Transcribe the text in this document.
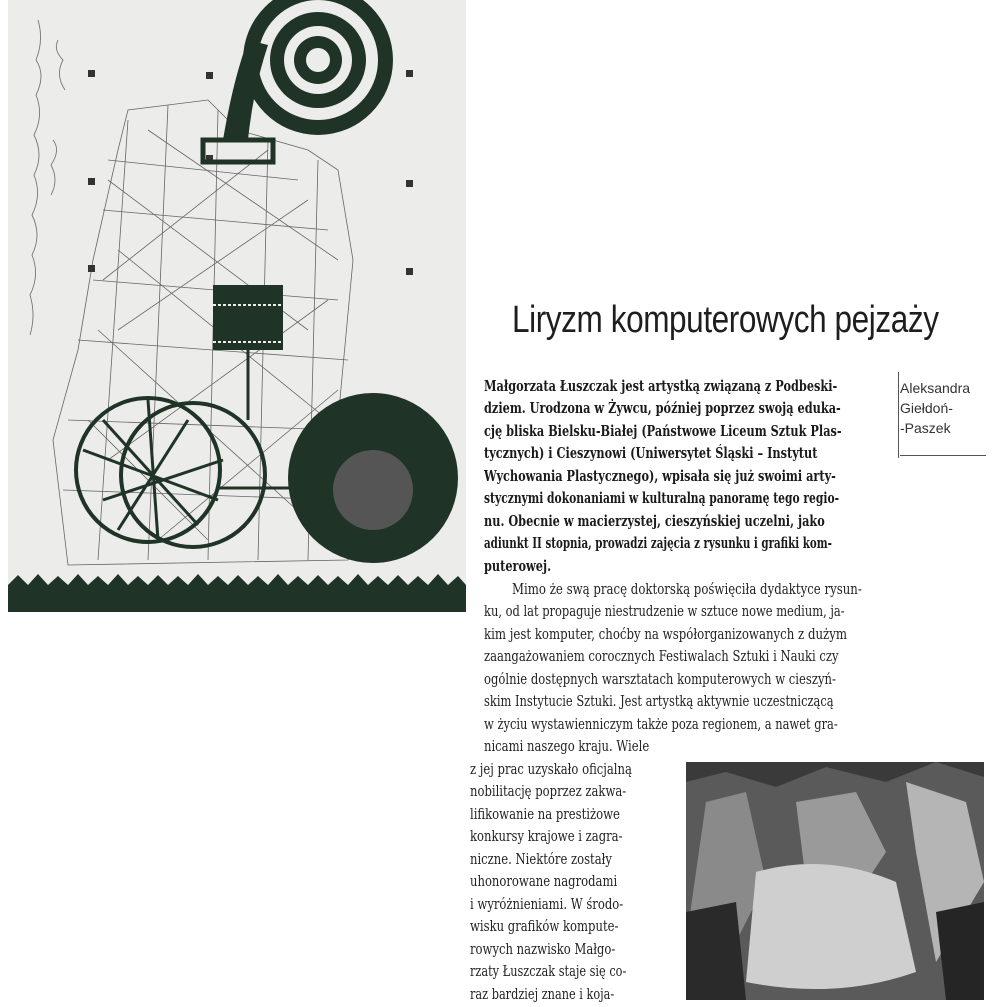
Liryzm komputerowych pejzaży
Aleksandra
Giełdoń-
-Paszek
Małgorzata Łuszczak jest artystką związaną z Podbeski-
dziem. Urodzona w Żywcu, później poprzez swoją eduka-
cję bliska Bielsku-Białej (Państwowe Liceum Sztuk Plas-
tycznych) i Cieszynowi (Uniwersytet Śląski – Instytut
Wychowania Plastycznego), wpisała się już swoimi arty-
stycznymi dokonaniami w kulturalną panoramę tego regio-
nu. Obecnie w macierzystej, cieszyńskiej uczelni, jako
adiunkt II stopnia, prowadzi zajęcia z rysunku i grafiki kom-
puterowej.
Mimo że swą pracę doktorską poświęciła dydaktyce rysun-
ku, od lat propaguje niestrudzenie w sztuce nowe medium, ja-
kim jest komputer, choćby na współorganizowanych z dużym
zaangażowaniem corocznych Festiwalach Sztuki i Nauki czy
ogólnie dostępnych warsztatach komputerowych w cieszyń-
skim Instytucie Sztuki. Jest artystką aktywnie uczestniczącą
w życiu wystawienniczym także poza regionem, a nawet gra-
nicami naszego kraju. Wiele
z jej prac uzyskało oficjalną
nobilitację poprzez zakwa-
lifikowanie na prestiżowe
konkursy krajowe i zagra-
niczne. Niektóre zostały
uhonorowane nagrodami
i wyróżnieniami. W środo-
wisku grafików kompute-
rowych nazwisko Małgo-
rzaty Łuszczak staje się co-
raz bardziej znane i koja-
